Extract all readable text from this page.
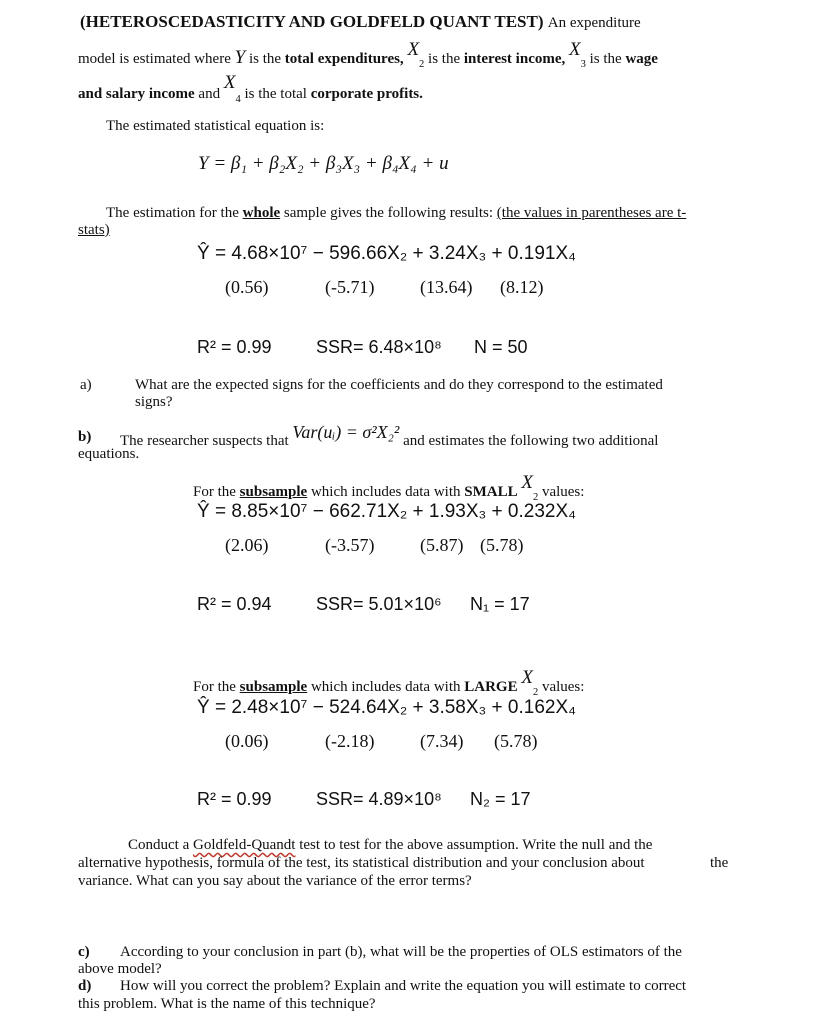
(HETEROSCEDASTICITY AND GOLDFELD QUANT TEST) An expenditure
model is estimated where Y is the total expenditures, $X_2$ is the interest income, $X_3$ is the wage
and salary income and $X_4$ is the total corporate profits.
The estimated statistical equation is:
Y = β₁ + β₂X₂ + β₃X₃ + β₄X₄ + u
The estimation for the whole sample gives the following results: (the values in parentheses are t-
stats)
Ŷ = 4.68×10⁷ − 596.66X₂ + 3.24X₃ + 0.191X₄
(0.56)	(-5.71)	(13.64) (8.12)
R² = 0.99 SSR= 6.48×10⁸ N = 50
a)	What are the expected signs for the coefficients and do they correspond to the estimated
signs?
b) The researcher suspects that Var(uᵢ) = σ²X₂² and estimates the following two additional
equations.
For the subsample which includes data with SMALL $X_2$ values:
Ŷ = 8.85×10⁷ − 662.71X₂ + 1.93X₃ + 0.232X₄
(2.06)	(-3.57)	(5.87) (5.78)
R² = 0.94 SSR= 5.01×10⁶ N₁ = 17
For the subsample which includes data with LARGE $X_2$ values:
Ŷ = 2.48×10⁷ − 524.64X₂ + 3.58X₃ + 0.162X₄
(0.06)	(-2.18)	(7.34) (5.78)
R² = 0.99 SSR= 4.89×10⁸ N₂ = 17
Conduct a Goldfeld-Quandt test to test for the above assumption. Write the null and the
alternative hypothesis, formula of the test, its statistical distribution and your conclusion about	the
variance. What can you say about the variance of the error terms?
c) According to your conclusion in part (b), what will be the properties of OLS estimators of the
above model?
d) How will you correct the problem? Explain and write the equation you will estimate to correct
this problem. What is the name of this technique?
